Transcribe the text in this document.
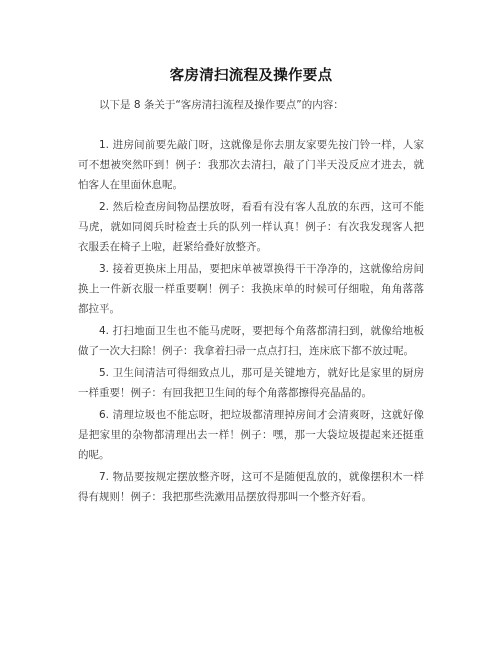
客房清扫流程及操作要点

以下是 8 条关于“客房清扫流程及操作要点”的内容：

1. 进房间前要先敲门呀，这就像是你去朋友家要先按门铃一样，人家可不想被突然吓到！例子：我那次去清扫，敲了门半天没反应才进去，就怕客人在里面休息呢。

2. 然后检查房间物品摆放呀，看看有没有客人乱放的东西，这可不能马虎，就如同阅兵时检查士兵的队列一样认真！例子：有次我发现客人把衣服丢在椅子上啦，赶紧给叠好放整齐。

3. 接着更换床上用品，要把床单被罩换得干干净净的，这就像给房间换上一件新衣服一样重要啊！例子：我换床单的时候可仔细啦，角角落落都拉平。

4. 打扫地面卫生也不能马虎呀，要把每个角落都清扫到，就像给地板做了一次大扫除！例子：我拿着扫帚一点点打扫，连床底下都不放过呢。

5. 卫生间清洁可得细致点儿，那可是关键地方，就好比是家里的厨房一样重要！例子：有回我把卫生间的每个角落都擦得亮晶晶的。

6. 清理垃圾也不能忘呀，把垃圾都清理掉房间才会清爽呀，这就好像是把家里的杂物都清理出去一样！例子：嘿，那一大袋垃圾提起来还挺重的呢。

7. 物品要按规定摆放整齐呀，这可不是随便乱放的，就像摆积木一样得有规则！例子：我把那些洗漱用品摆放得那叫一个整齐好看。
